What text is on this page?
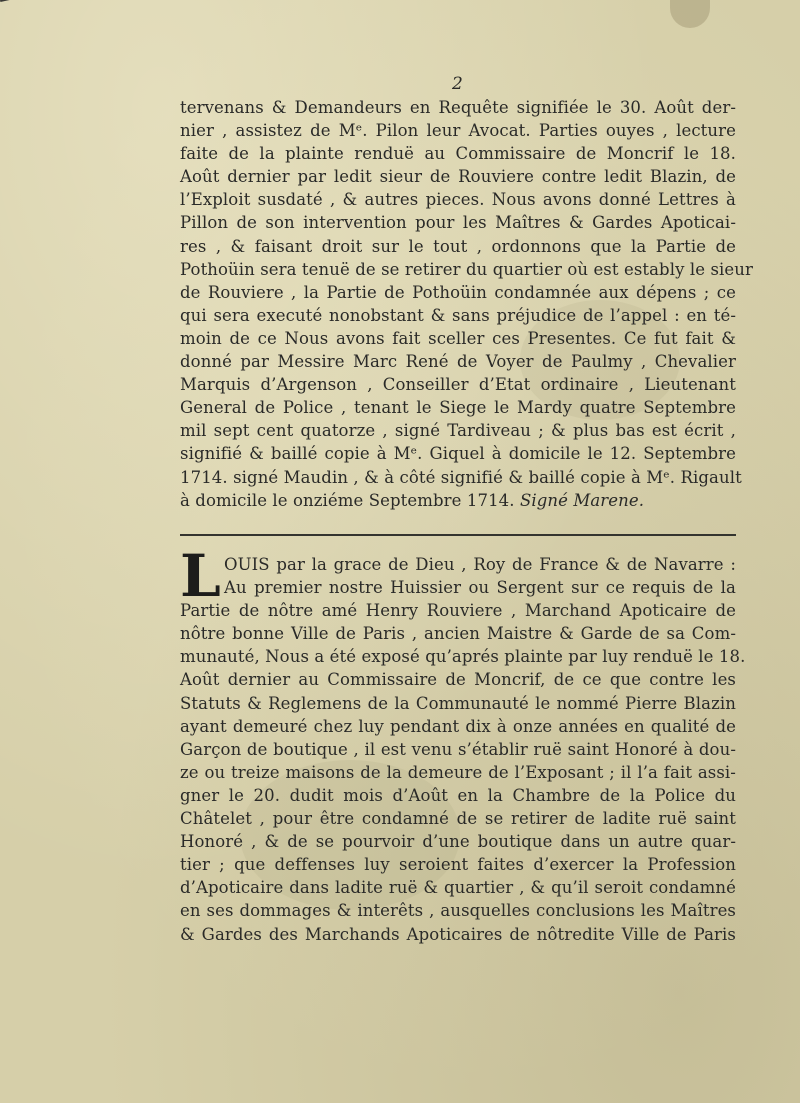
2
tervenans & Demandeurs en Requête signifiée le 30. Août der-
nier , assistez de Mᵉ. Pilon leur Avocat. Parties ouyes , lecture
faite de la plainte renduë au Commissaire de Moncrif le 18.
Août dernier par ledit sieur de Rouviere contre ledit Blazin, de
l’Exploit susdaté , & autres pieces. Nous avons donné Lettres à
Pillon de son intervention pour les Maîtres & Gardes Apoticai-
res , & faisant droit sur le tout , ordonnons que la Partie de
Pothoüin sera tenuë de se retirer du quartier où est estably le sieur
de Rouviere , la Partie de Pothoüin condamnée aux dépens ; ce
qui sera executé nonobstant & sans préjudice de l’appel : en té-
moin de ce Nous avons fait sceller ces Presentes. Ce fut fait &
donné par Messire Marc René de Voyer de Paulmy , Chevalier
Marquis d’Argenson , Conseiller d’Etat ordinaire , Lieutenant
General de Police , tenant le Siege le Mardy quatre Septembre
mil sept cent quatorze , signé Tardiveau ; & plus bas est écrit ,
signifié & baillé copie à Mᵉ. Giquel à domicile le 12. Septembre
1714. signé Maudin , & à côté signifié & baillé copie à Mᵉ. Rigault
à domicile le onziéme Septembre 1714. Signé Marene.
L OUIS par la grace de Dieu , Roy de France & de Navarre :
Au premier nostre Huissier ou Sergent sur ce requis de la
Partie de nôtre amé Henry Rouviere , Marchand Apoticaire de
nôtre bonne Ville de Paris , ancien Maistre & Garde de sa Com-
munauté, Nous a été exposé qu’aprés plainte par luy renduë le 18.
Août dernier au Commissaire de Moncrif, de ce que contre les
Statuts & Reglemens de la Communauté le nommé Pierre Blazin
ayant demeuré chez luy pendant dix à onze années en qualité de
Garçon de boutique , il est venu s’établir ruë saint Honoré à dou-
ze ou treize maisons de la demeure de l’Exposant ; il l’a fait assi-
gner le 20. dudit mois d’Août en la Chambre de la Police du
Châtelet , pour être condamné de se retirer de ladite ruë saint
Honoré , & de se pourvoir d’une boutique dans un autre quar-
tier ; que deffenses luy seroient faites d’exercer la Profession
d’Apoticaire dans ladite ruë & quartier , & qu’il seroit condamné
en ses dommages & interêts , ausquelles conclusions les Maîtres
& Gardes des Marchands Apoticaires de nôtredite Ville de Paris
